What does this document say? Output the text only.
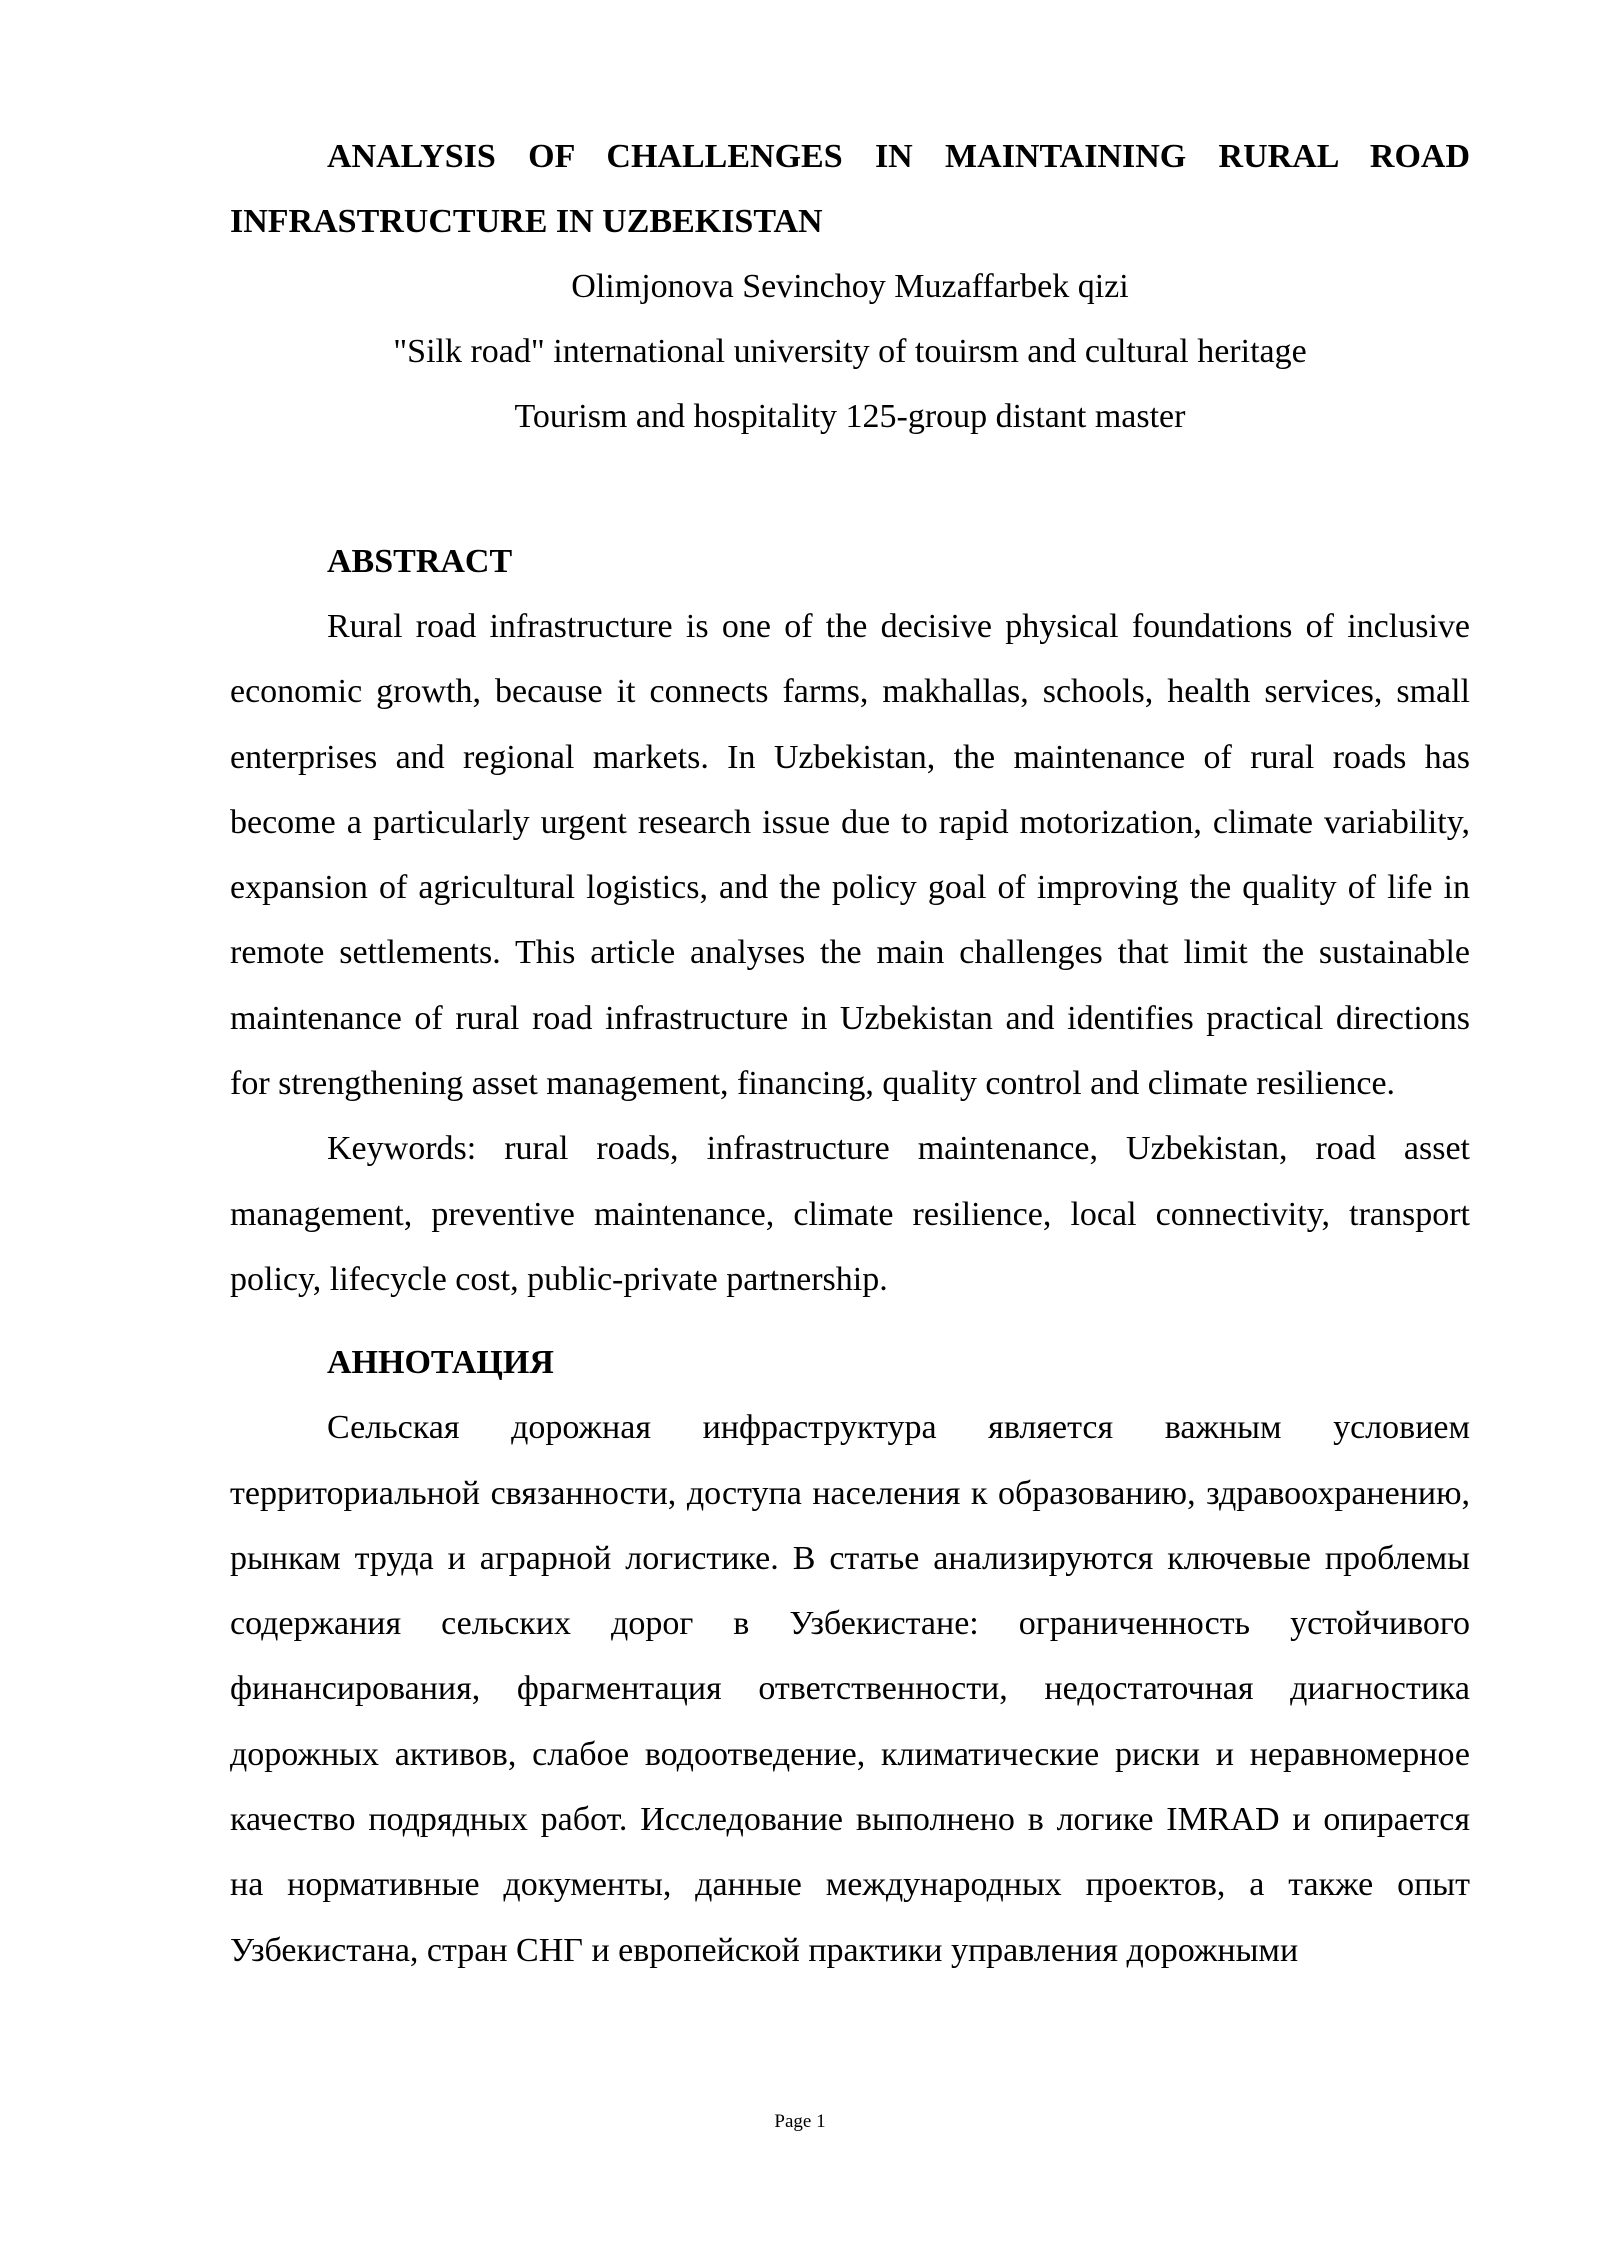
ANALYSIS OF CHALLENGES IN MAINTAINING RURAL ROAD INFRASTRUCTURE IN UZBEKISTAN

Olimjonova Sevinchoy Muzaffarbek qizi

"Silk road" international university of touirsm and cultural heritage

Tourism and hospitality 125-group distant master

ABSTRACT

Rural road infrastructure is one of the decisive physical foundations of inclusive economic growth, because it connects farms, makhallas, schools, health services, small enterprises and regional markets. In Uzbekistan, the maintenance of rural roads has become a particularly urgent research issue due to rapid motorization, climate variability, expansion of agricultural logistics, and the policy goal of improving the quality of life in remote settlements. This article analyses the main challenges that limit the sustainable maintenance of rural road infrastructure in Uzbekistan and identifies practical directions for strengthening asset management, financing, quality control and climate resilience.

Keywords: rural roads, infrastructure maintenance, Uzbekistan, road asset management, preventive maintenance, climate resilience, local connectivity, transport policy, lifecycle cost, public-private partnership.

АННОТАЦИЯ

Сельская дорожная инфраструктура является важным условием территориальной связанности, доступа населения к образованию, здравоохранению, рынкам труда и аграрной логистике. В статье анализируются ключевые проблемы содержания сельских дорог в Узбекистане: ограниченность устойчивого финансирования, фрагментация ответственности, недостаточная диагностика дорожных активов, слабое водоотведение, климатические риски и неравномерное качество подрядных работ. Исследование выполнено в логике IMRAD и опирается на нормативные документы, данные международных проектов, а также опыт Узбекистана, стран СНГ и европейской практики управления дорожными

Page 1
